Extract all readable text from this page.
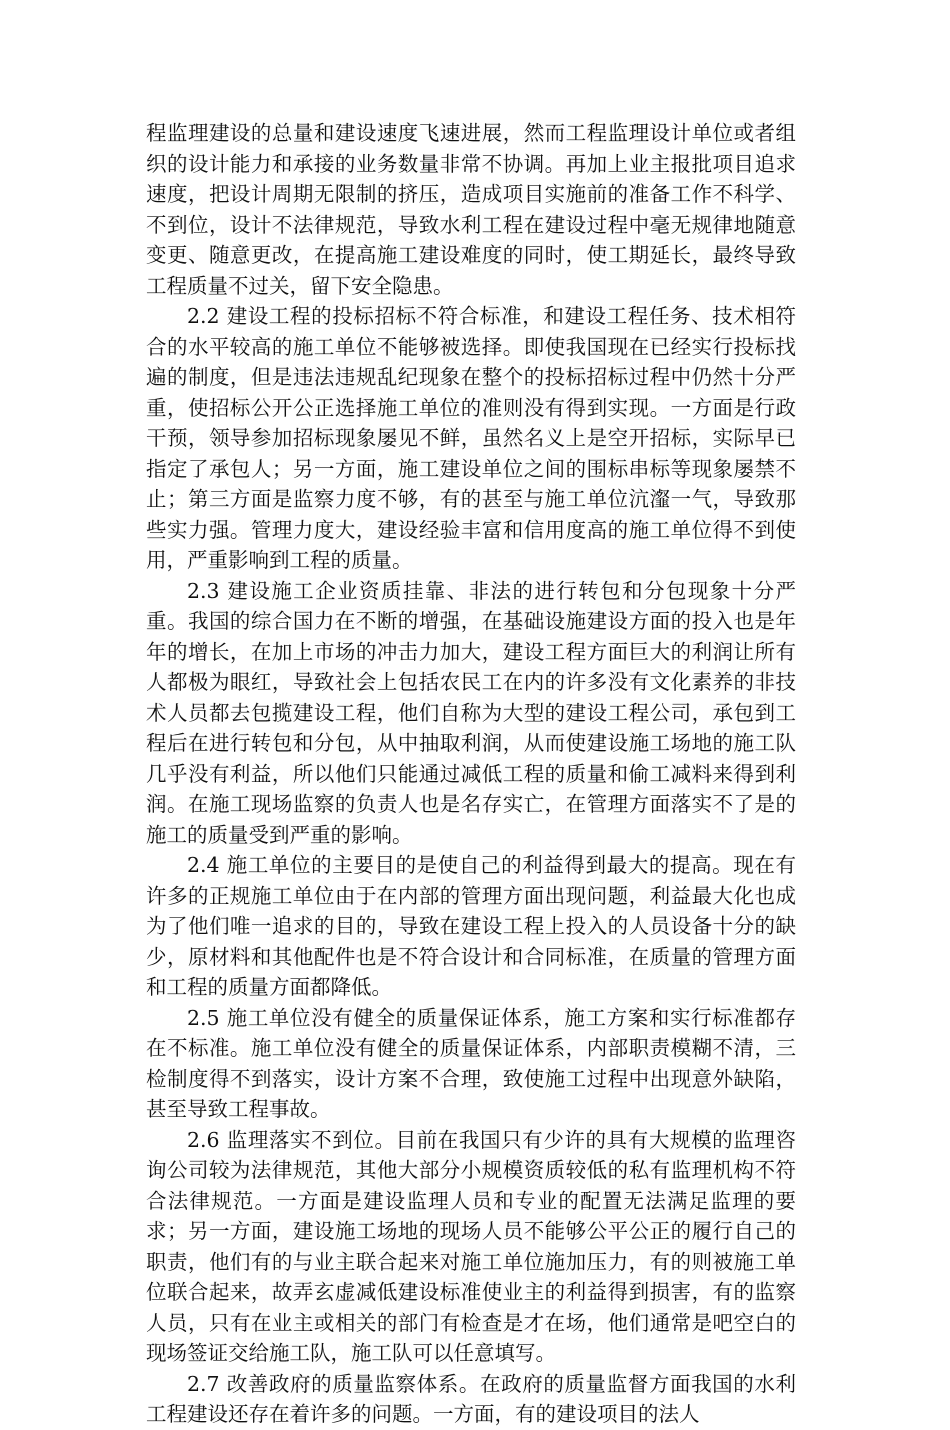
程监理建设的总量和建设速度飞速进展，然而工程监理设计单位或者组织的设计能力和承接的业务数量非常不协调。再加上业主报批项目追求速度，把设计周期无限制的挤压，造成项目实施前的准备工作不科学、不到位，设计不法律规范，导致水利工程在建设过程中毫无规律地随意变更、随意更改，在提高施工建设难度的同时，使工期延长，最终导致工程质量不过关，留下安全隐患。

2.2 建设工程的投标招标不符合标准，和建设工程任务、技术相符合的水平较高的施工单位不能够被选择。即使我国现在已经实行投标找遍的制度，但是违法违规乱纪现象在整个的投标招标过程中仍然十分严重，使招标公开公正选择施工单位的准则没有得到实现。一方面是行政干预，领导参加招标现象屡见不鲜，虽然名义上是空开招标，实际早已指定了承包人；另一方面，施工建设单位之间的围标串标等现象屡禁不止；第三方面是监察力度不够，有的甚至与施工单位沆瀣一气，导致那些实力强。管理力度大，建设经验丰富和信用度高的施工单位得不到使用，严重影响到工程的质量。

2.3 建设施工企业资质挂靠、非法的进行转包和分包现象十分严重。我国的综合国力在不断的增强，在基础设施建设方面的投入也是年年的增长，在加上市场的冲击力加大，建设工程方面巨大的利润让所有人都极为眼红，导致社会上包括农民工在内的许多没有文化素养的非技术人员都去包揽建设工程，他们自称为大型的建设工程公司，承包到工程后在进行转包和分包，从中抽取利润，从而使建设施工场地的施工队几乎没有利益，所以他们只能通过减低工程的质量和偷工减料来得到利润。在施工现场监察的负责人也是名存实亡，在管理方面落实不了是的施工的质量受到严重的影响。

2.4 施工单位的主要目的是使自己的利益得到最大的提高。现在有许多的正规施工单位由于在内部的管理方面出现问题，利益最大化也成为了他们唯一追求的目的，导致在建设工程上投入的人员设备十分的缺少，原材料和其他配件也是不符合设计和合同标准，在质量的管理方面和工程的质量方面都降低。

2.5 施工单位没有健全的质量保证体系，施工方案和实行标准都存在不标准。施工单位没有健全的质量保证体系，内部职责模糊不清，三检制度得不到落实，设计方案不合理，致使施工过程中出现意外缺陷，甚至导致工程事故。

2.6 监理落实不到位。目前在我国只有少许的具有大规模的监理咨询公司较为法律规范，其他大部分小规模资质较低的私有监理机构不符合法律规范。一方面是建设监理人员和专业的配置无法满足监理的要求；另一方面，建设施工场地的现场人员不能够公平公正的履行自己的职责，他们有的与业主联合起来对施工单位施加压力，有的则被施工单位联合起来，故弄玄虚减低建设标准使业主的利益得到损害，有的监察人员，只有在业主或相关的部门有检查是才在场，他们通常是吧空白的现场签证交给施工队，施工队可以任意填写。

2.7 改善政府的质量监察体系。在政府的质量监督方面我国的水利工程建设还存在着许多的问题。一方面，有的建设项目的法人
